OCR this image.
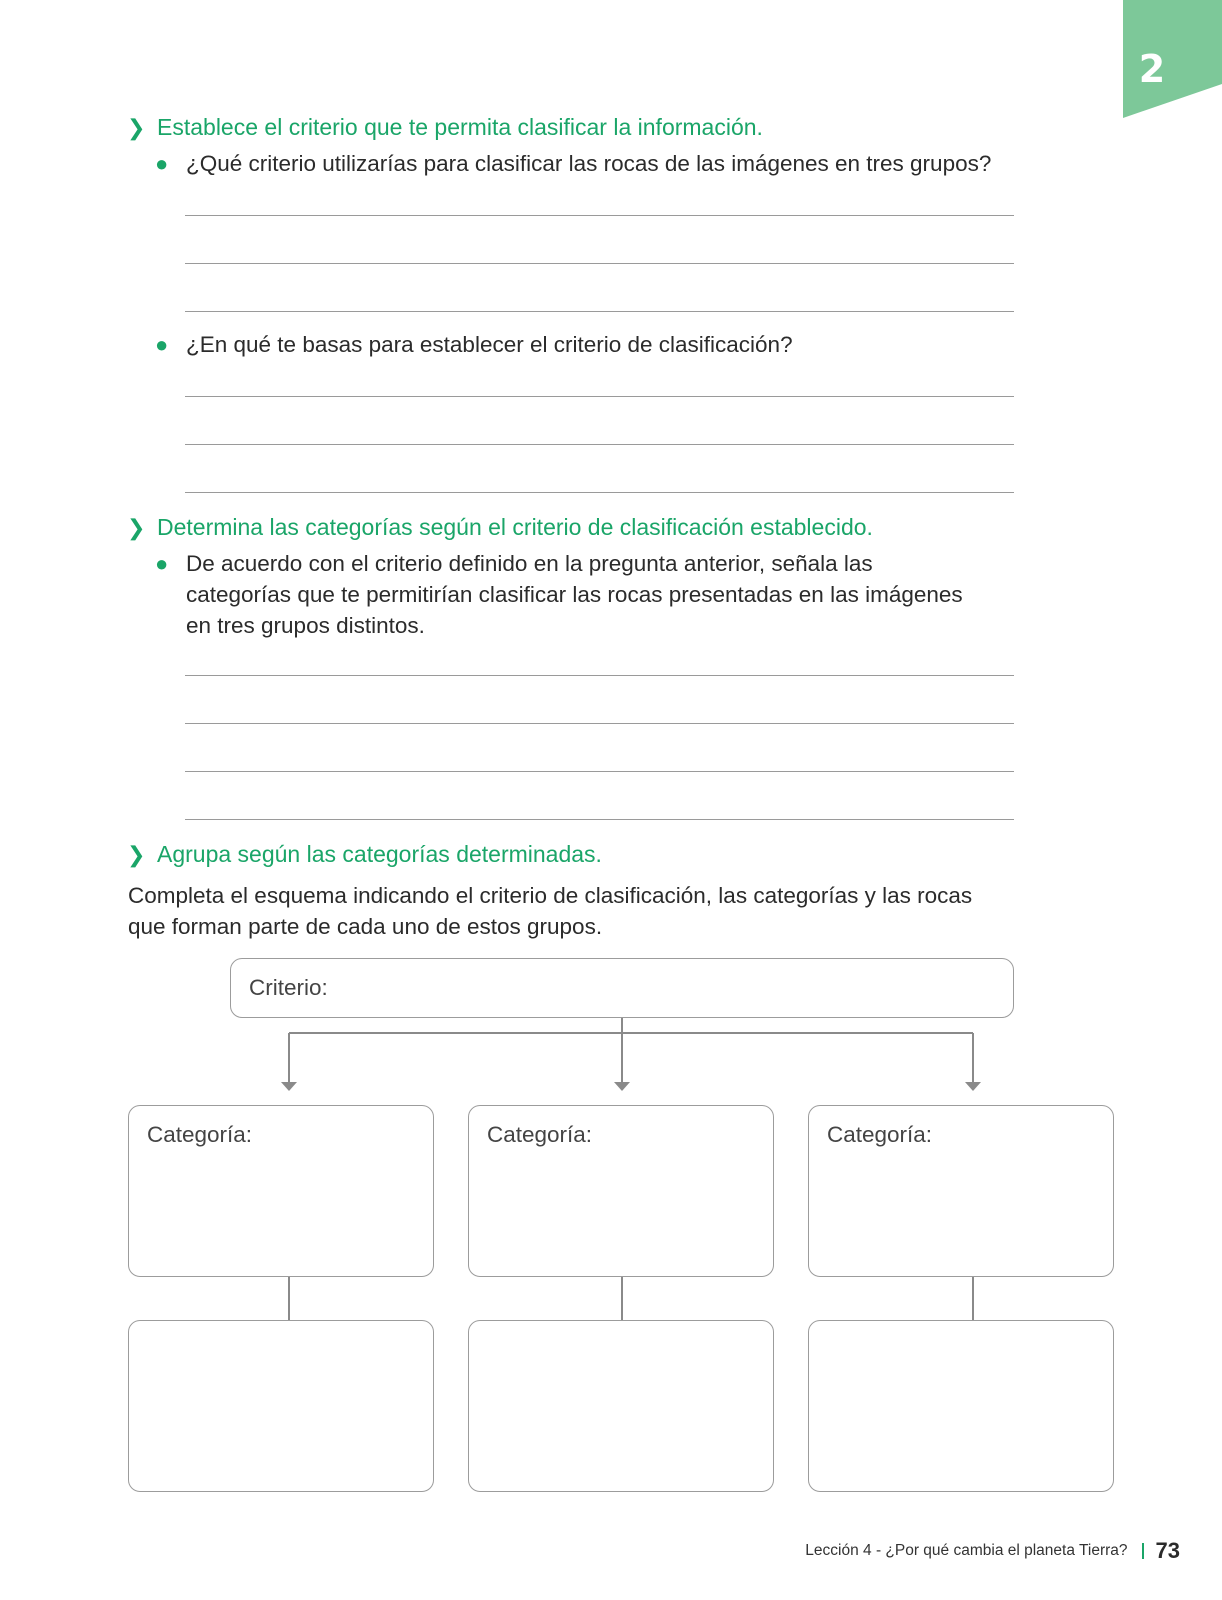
2
❯ Establece el criterio que te permita clasificar la información.
● ¿Qué criterio utilizarías para clasificar las rocas de las imágenes en tres grupos?
● ¿En qué te basas para establecer el criterio de clasificación?
❯ Determina las categorías según el criterio de clasificación establecido.
● De acuerdo con el criterio definido en la pregunta anterior, señala las
categorías que te permitirían clasificar las rocas presentadas en las imágenes
en tres grupos distintos.
❯ Agrupa según las categorías determinadas.
Completa el esquema indicando el criterio de clasificación, las categorías y las rocas
que forman parte de cada uno de estos grupos.
Criterio:
Categoría:	Categoría:	Categoría:
Lección 4 - ¿Por qué cambia el planeta Tierra? 73
